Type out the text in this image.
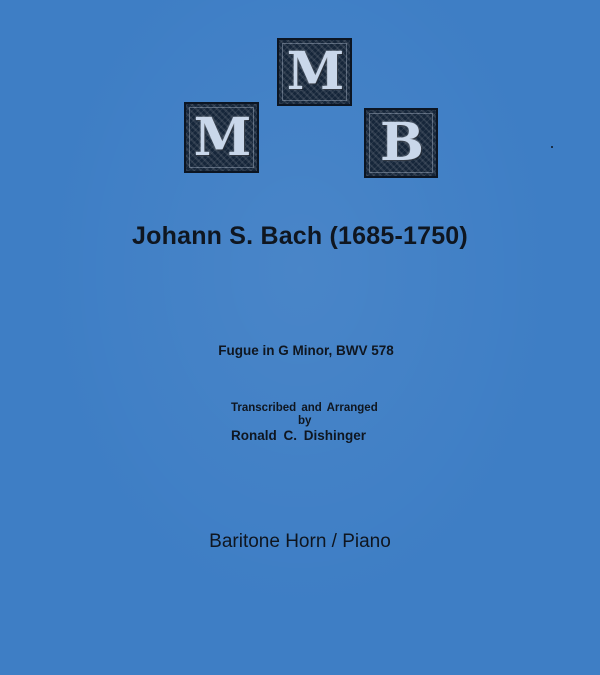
M
M
B
Johann S. Bach (1685-1750)
Fugue in G Minor, BWV 578
Transcribed and Arranged
by
Ronald C. Dishinger
Baritone Horn / Piano
